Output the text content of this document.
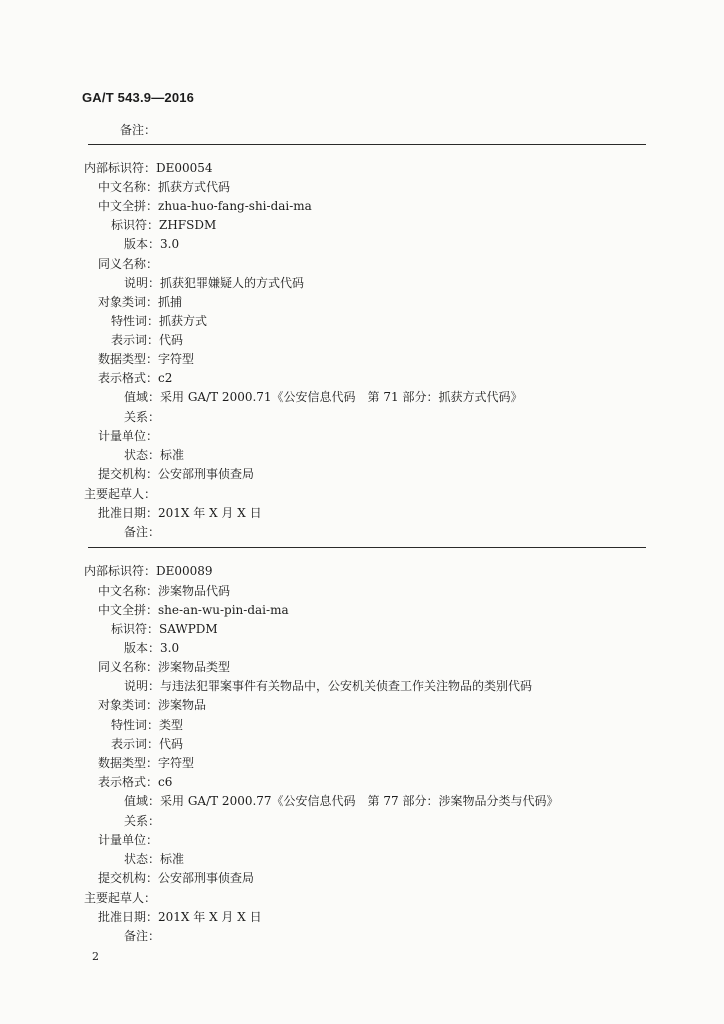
GA/T 543.9—2016
备注：
内部标识符：DE00054
中文名称：抓获方式代码
中文全拼：zhua-huo-fang-shi-dai-ma
标识符：ZHFSDM
版本：3.0
同义名称：
说明：抓获犯罪嫌疑人的方式代码
对象类词：抓捕
特性词：抓获方式
表示词：代码
数据类型：字符型
表示格式：c2
值域：采用 GA/T 2000.71《公安信息代码　第 71 部分：抓获方式代码》
关系：
计量单位：
状态：标准
提交机构：公安部刑事侦查局
主要起草人：
批准日期：201X 年 X 月 X 日
备注：
内部标识符：DE00089
中文名称：涉案物品代码
中文全拼：she-an-wu-pin-dai-ma
标识符：SAWPDM
版本：3.0
同义名称：涉案物品类型
说明：与违法犯罪案事件有关物品中，公安机关侦查工作关注物品的类别代码
对象类词：涉案物品
特性词：类型
表示词：代码
数据类型：字符型
表示格式：c6
值域：采用 GA/T 2000.77《公安信息代码　第 77 部分：涉案物品分类与代码》
关系：
计量单位：
状态：标准
提交机构：公安部刑事侦查局
主要起草人：
批准日期：201X 年 X 月 X 日
备注：
2
